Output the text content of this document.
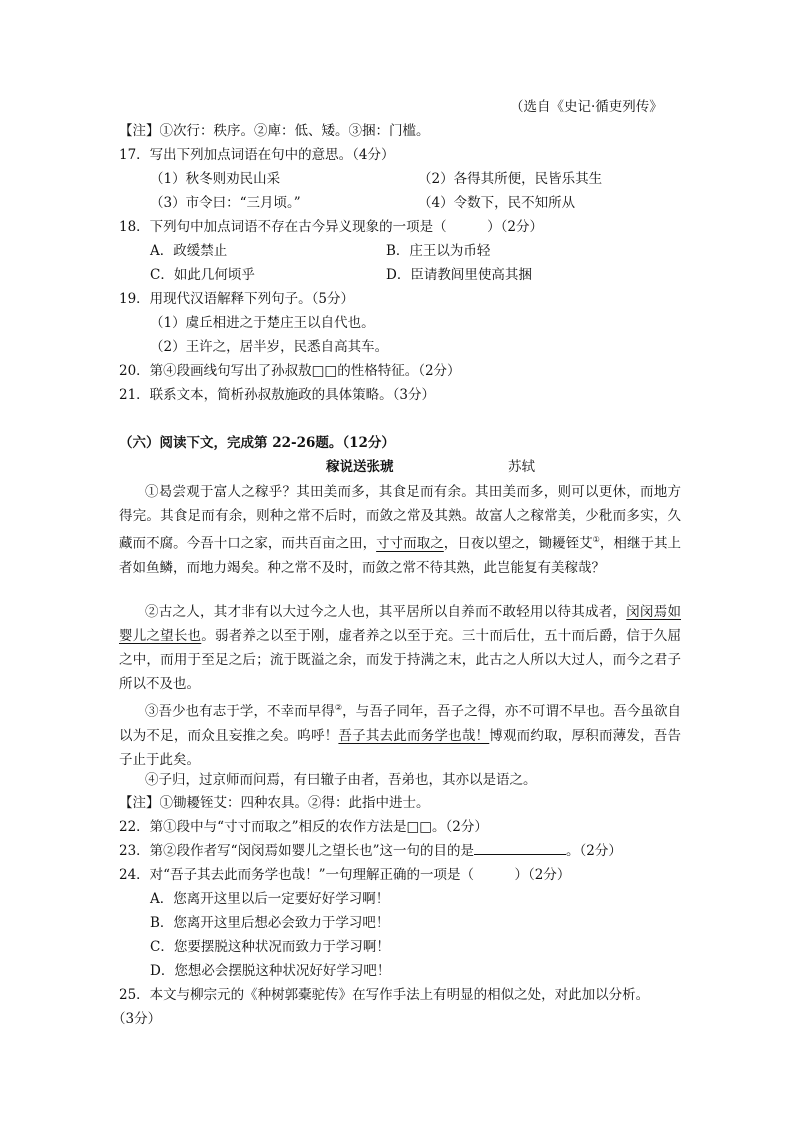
（选自《史记·循吏列传》
【注】①次行：秩序。②庳：低、矮。③捆：门槛。
17．写出下列加点词语在句中的意思。（4分）
（1）秋冬则劝民山采	（2）各得其所便，民皆乐其生
（3）市令曰：“三月顷。”	（4）令数下，民不知所从
18．下列句中加点词语不存在古今异义现象的一项是（　　　）（2分）
A．政缓禁止	B．庄王以为币轻
C．如此几何顷乎	D．臣请教闾里使高其捆
19．用现代汉语解释下列句子。（5分）
（1）虞丘相进之于楚庄王以自代也。
（2）王许之，居半岁，民悉自高其车。
20．第④段画线句写出了孙叔敖□□的性格特征。（2分）
21．联系文本，简析孙叔敖施政的具体策略。（3分）
（六）阅读下文，完成第 22-26题。（12分）
稼说送张琥	苏轼
①曷尝观于富人之稼乎？其田美而多，其食足而有余。其田美而多，则可以更休，而地方得完。其食足而有余，则种之常不后时，而敛之常及其熟。故富人之稼常美，少秕而多实，久藏而不腐。今吾十口之家，而共百亩之田，寸寸而取之，日夜以望之，锄耰铚艾①，相继于其上者如鱼鳞，而地力竭矣。种之常不及时，而敛之常不待其熟，此岂能复有美稼哉？
②古之人，其才非有以大过今之人也，其平居所以自养而不敢轻用以待其成者，闵闵焉如婴儿之望长也。弱者养之以至于刚，虚者养之以至于充。三十而后仕，五十而后爵，信于久屈之中，而用于至足之后；流于既溢之余，而发于持满之末，此古之人所以大过人，而今之君子所以不及也。
③吾少也有志于学，不幸而早得②，与吾子同年，吾子之得，亦不可谓不早也。吾今虽欲自以为不足，而众且妄推之矣。呜呼！吾子其去此而务学也哉！博观而约取，厚积而薄发，吾告子止于此矣。
④子归，过京师而问焉，有曰辙子由者，吾弟也，其亦以是语之。
【注】①锄耰铚艾：四种农具。②得：此指中进士。
22．第①段中与“寸寸而取之”相反的农作方法是□□。（2分）
23．第②段作者写“闵闵焉如婴儿之望长也”这一句的目的是	。（2分）
24．对“吾子其去此而务学也哉！”一句理解正确的一项是（　　　）（2分）
A．您离开这里以后一定要好好学习啊！
B．您离开这里后想必会致力于学习吧！
C．您要摆脱这种状况而致力于学习啊！
D．您想必会摆脱这种状况好好学习吧！
25．本文与柳宗元的《种树郭橐驼传》在写作手法上有明显的相似之处，对此加以分析。
（3分）
